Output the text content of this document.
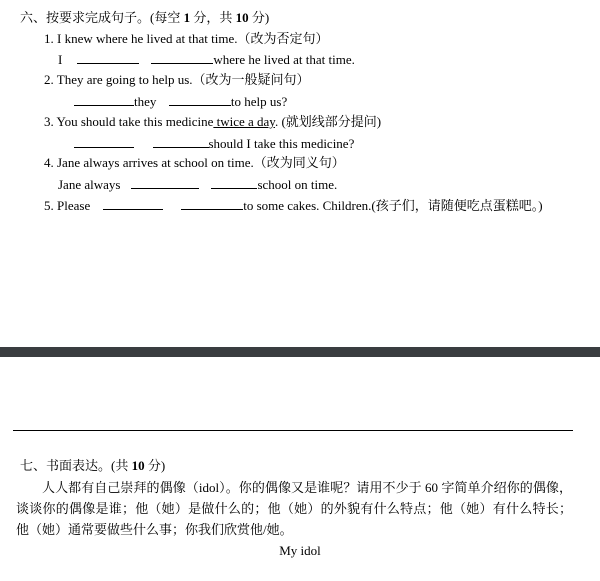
六、按要求完成句子。(每空 1 分，共 10 分)
1. I knew where he lived at that time.（改为否定句）
I	where he lived at that time.
2. They are going to help us.（改为一般疑问句）
they	to help us?
3. You should take this medicine twice a day. (就划线部分提问)
should I take this medicine?
4. Jane always arrives at school on time.（改为同义句）
Jane always	school on time.
5. Please	to some cakes. Children.(孩子们，请随便吃点蛋糕吧。)
七、书面表达。(共 10 分)
人人都有自己崇拜的偶像（idol）。你的偶像又是谁呢？请用不少于 60 字简单介绍你的偶像，谈谈你的偶像是谁；他（她）是做什么的；他（她）的外貌有什么特点；他（她）有什么特长；他（她）通常要做些什么事；你我们欣赏他/她。
My idol
